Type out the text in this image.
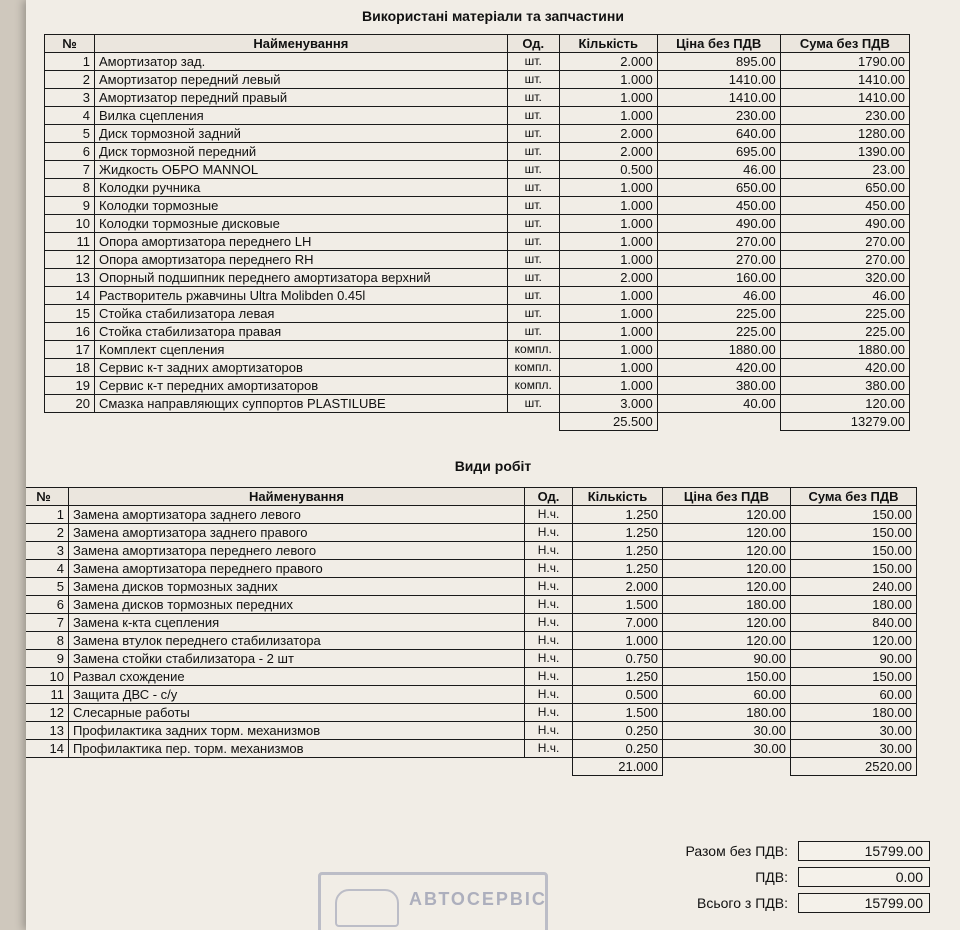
Використані матеріали та запчастини
№	Найменування	Од.	Кількість	Ціна без ПДВ	Сума без ПДВ
1	Амортизатор зад.	шт.	2.000	895.00	1790.00
2	Амортизатор передний левый	шт.	1.000	1410.00	1410.00
3	Амортизатор передний правый	шт.	1.000	1410.00	1410.00
4	Вилка сцепления	шт.	1.000	230.00	230.00
5	Диск тормозной задний	шт.	2.000	640.00	1280.00
6	Диск тормозной передний	шт.	2.000	695.00	1390.00
7	Жидкость ОБРО MANNOL	шт.	0.500	46.00	23.00
8	Колодки ручника	шт.	1.000	650.00	650.00
9	Колодки тормозные	шт.	1.000	450.00	450.00
10	Колодки тормозные дисковые	шт.	1.000	490.00	490.00
11	Опора амортизатора переднего LH	шт.	1.000	270.00	270.00
12	Опора амортизатора переднего RH	шт.	1.000	270.00	270.00
13	Опорный подшипник переднего амортизатора верхний	шт.	2.000	160.00	320.00
14	Растворитель ржавчины Ultra Molibden 0.45l	шт.	1.000	46.00	46.00
15	Стойка стабилизатора левая	шт.	1.000	225.00	225.00
16	Стойка стабилизатора правая	шт.	1.000	225.00	225.00
17	Комплект сцепления	компл.	1.000	1880.00	1880.00
18	Сервис к-т задних амортизаторов	компл.	1.000	420.00	420.00
19	Сервис к-т передних амортизаторов	компл.	1.000	380.00	380.00
20	Смазка направляющих суппортов PLASTILUBE	шт.	3.000	40.00	120.00
			25.500		13279.00
Види робіт
№	Найменування	Од.	Кількість	Ціна без ПДВ	Сума без ПДВ
1	Замена амортизатора заднего левого	Н.ч.	1.250	120.00	150.00
2	Замена амортизатора заднего правого	Н.ч.	1.250	120.00	150.00
3	Замена амортизатора переднего левого	Н.ч.	1.250	120.00	150.00
4	Замена амортизатора переднего правого	Н.ч.	1.250	120.00	150.00
5	Замена дисков тормозных задних	Н.ч.	2.000	120.00	240.00
6	Замена дисков тормозных передних	Н.ч.	1.500	180.00	180.00
7	Замена к-кта сцепления	Н.ч.	7.000	120.00	840.00
8	Замена втулок переднего стабилизатора	Н.ч.	1.000	120.00	120.00
9	Замена стойки стабилизатора - 2 шт	Н.ч.	0.750	90.00	90.00
10	Развал схождение	Н.ч.	1.250	150.00	150.00
11	Защита ДВС - с/у	Н.ч.	0.500	60.00	60.00
12	Слесарные работы	Н.ч.	1.500	180.00	180.00
13	Профилактика задних торм. механизмов	Н.ч.	0.250	30.00	30.00
14	Профилактика пер. торм. механизмов	Н.ч.	0.250	30.00	30.00
			21.000		2520.00
Разом без ПДВ:	15799.00
ПДВ:	0.00
Всього з ПДВ:	15799.00
АВТОСЕРВІС
